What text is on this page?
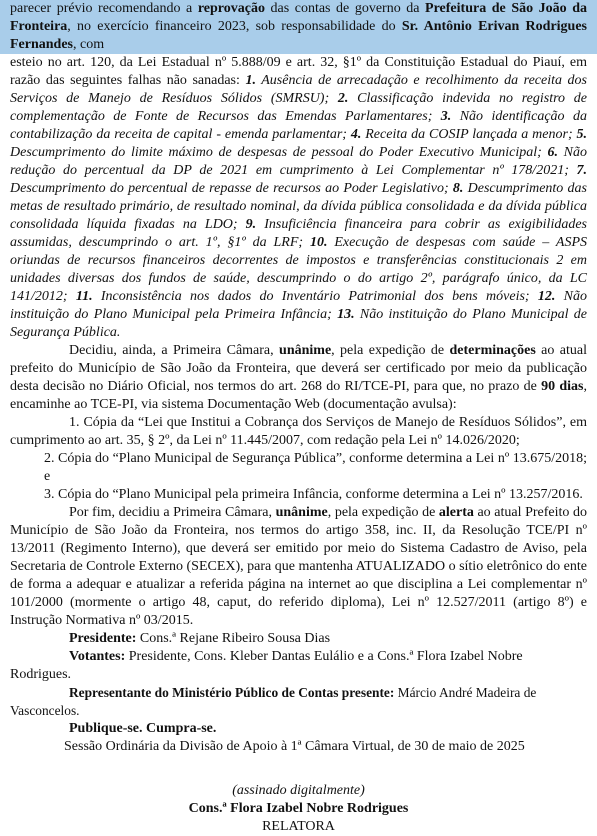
parecer prévio recomendando a reprovação das contas de governo da Prefeitura de São João da Fronteira, no exercício financeiro 2023, sob responsabilidade do Sr. Antônio Erivan Rodrigues Fernandes, com

esteio no art. 120, da Lei Estadual nº 5.888/09 e art. 32, §1º da Constituição Estadual do Piauí, em razão das seguintes falhas não sanadas: 1. Ausência de arrecadação e recolhimento da receita dos Serviços de Manejo de Resíduos Sólidos (SMRSU); 2. Classificação indevida no registro de complementação de Fonte de Recursos das Emendas Parlamentares; 3. Não identificação da contabilização da receita de capital - emenda parlamentar; 4. Receita da COSIP lançada a menor; 5. Descumprimento do limite máximo de despesas de pessoal do Poder Executivo Municipal; 6. Não redução do percentual da DP de 2021 em cumprimento à Lei Complementar nº 178/2021; 7. Descumprimento do percentual de repasse de recursos ao Poder Legislativo; 8. Descumprimento das metas de resultado primário, de resultado nominal, da dívida pública consolidada e da dívida pública consolidada líquida fixadas na LDO; 9. Insuficiência financeira para cobrir as exigibilidades assumidas, descumprindo o art. 1º, §1º da LRF; 10. Execução de despesas com saúde – ASPS oriundas de recursos financeiros decorrentes de impostos e transferências constitucionais 2 em unidades diversas dos fundos de saúde, descumprindo o do artigo 2º, parágrafo único, da LC 141/2012; 11. Inconsistência nos dados do Inventário Patrimonial dos bens móveis; 12. Não instituição do Plano Municipal pela Primeira Infância; 13. Não instituição do Plano Municipal de Segurança Pública.

Decidiu, ainda, a Primeira Câmara, unânime, pela expedição de determinações ao atual prefeito do Município de São João da Fronteira, que deverá ser certificado por meio da publicação desta decisão no Diário Oficial, nos termos do art. 268 do RI/TCE-PI, para que, no prazo de 90 dias, encaminhe ao TCE-PI, via sistema Documentação Web (documentação avulsa):

1. Cópia da “Lei que Institui a Cobrança dos Serviços de Manejo de Resíduos Sólidos”, em cumprimento ao art. 35, § 2º, da Lei nº 11.445/2007, com redação pela Lei nº 14.026/2020;

2. Cópia do “Plano Municipal de Segurança Pública”, conforme determina a Lei nº 13.675/2018; e

3. Cópia do “Plano Municipal pela primeira Infância, conforme determina a Lei nº 13.257/2016.

Por fim, decidiu a Primeira Câmara, unânime, pela expedição de alerta ao atual Prefeito do Município de São João da Fronteira, nos termos do artigo 358, inc. II, da Resolução TCE/PI nº 13/2011 (Regimento Interno), que deverá ser emitido por meio do Sistema Cadastro de Aviso, pela Secretaria de Controle Externo (SECEX), para que mantenha ATUALIZADO o sítio eletrônico do ente de forma a adequar e atualizar a referida página na internet ao que disciplina a Lei complementar nº 101/2000 (mormente o artigo 48, caput, do referido diploma), Lei nº 12.527/2011 (artigo 8º) e Instrução Normativa nº 03/2015.

Presidente: Cons.ª Rejane Ribeiro Sousa Dias

Votantes: Presidente, Cons. Kleber Dantas Eulálio e a Cons.ª Flora Izabel Nobre Rodrigues.

Representante do Ministério Público de Contas presente: Márcio André Madeira de Vasconcelos.

Publique-se. Cumpra-se.

Sessão Ordinária da Divisão de Apoio à 1ª Câmara Virtual, de 30 de maio de 2025

(assinado digitalmente)

Cons.ª Flora Izabel Nobre Rodrigues

RELATORA
